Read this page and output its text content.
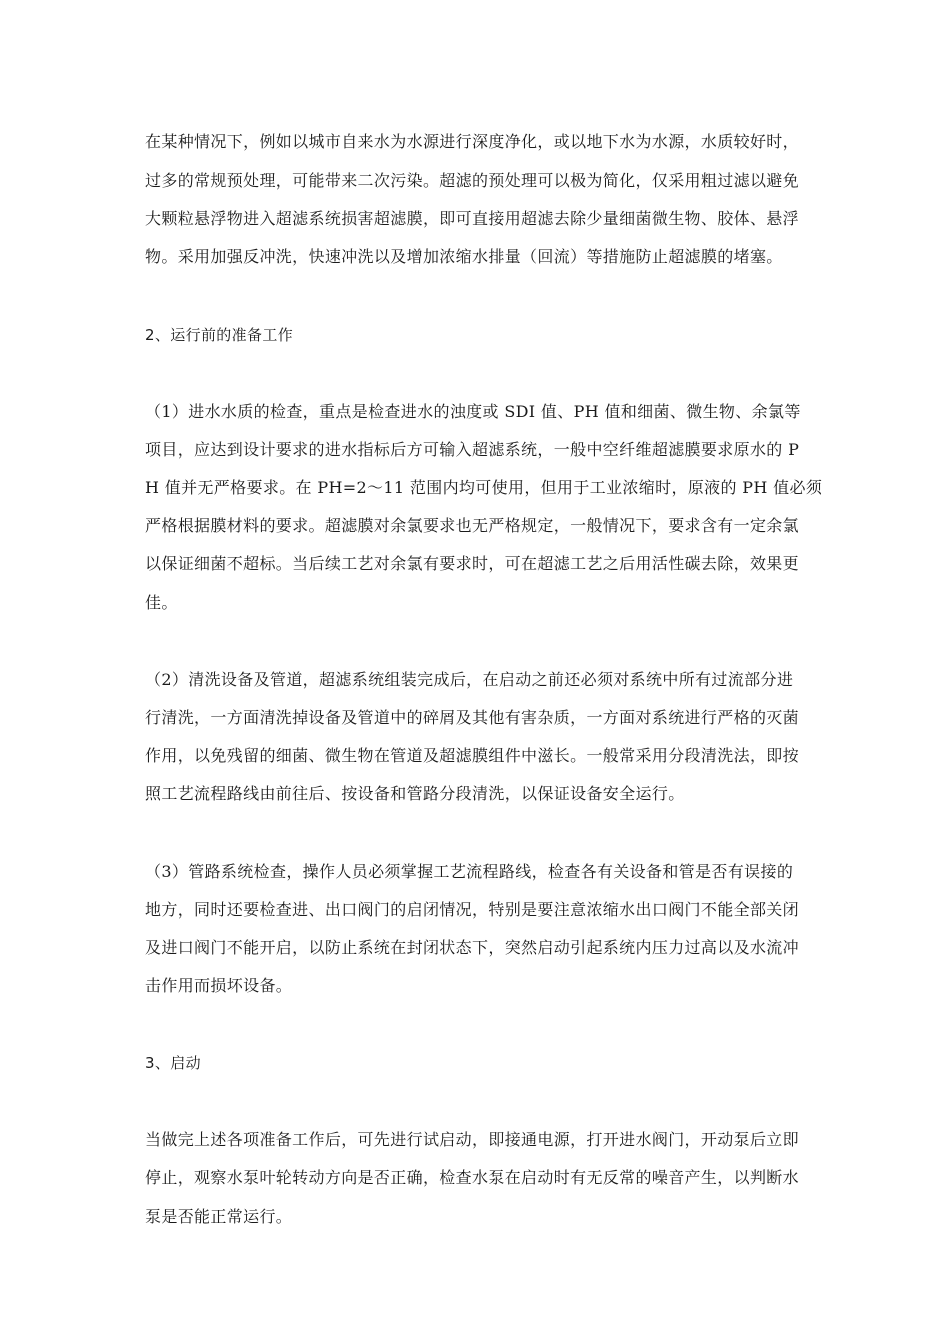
在某种情况下，例如以城市自来水为水源进行深度净化，或以地下水为水源，水质较好时，
过多的常规预处理，可能带来二次污染。超滤的预处理可以极为简化，仅采用粗过滤以避免
大颗粒悬浮物进入超滤系统损害超滤膜，即可直接用超滤去除少量细菌微生物、胶体、悬浮
物。采用加强反冲洗，快速冲洗以及增加浓缩水排量（回流）等措施防止超滤膜的堵塞。
2、运行前的准备工作
（1）进水水质的检查，重点是检查进水的浊度或 SDI 值、PH 值和细菌、微生物、余氯等
项目，应达到设计要求的进水指标后方可输入超滤系统，一般中空纤维超滤膜要求原水的 P
H 值并无严格要求。在 PH=2～11 范围内均可使用，但用于工业浓缩时，原液的 PH 值必须
严格根据膜材料的要求。超滤膜对余氯要求也无严格规定，一般情况下，要求含有一定余氯
以保证细菌不超标。当后续工艺对余氯有要求时，可在超滤工艺之后用活性碳去除，效果更
佳。
（2）清洗设备及管道，超滤系统组装完成后，在启动之前还必须对系统中所有过流部分进
行清洗，一方面清洗掉设备及管道中的碎屑及其他有害杂质，一方面对系统进行严格的灭菌
作用，以免残留的细菌、微生物在管道及超滤膜组件中滋长。一般常采用分段清洗法，即按
照工艺流程路线由前往后、按设备和管路分段清洗，以保证设备安全运行。
（3）管路系统检查，操作人员必须掌握工艺流程路线，检查各有关设备和管是否有误接的
地方，同时还要检查进、出口阀门的启闭情况，特别是要注意浓缩水出口阀门不能全部关闭
及进口阀门不能开启，以防止系统在封闭状态下，突然启动引起系统内压力过高以及水流冲
击作用而损坏设备。
3、启动
当做完上述各项准备工作后，可先进行试启动，即接通电源，打开进水阀门，开动泵后立即
停止，观察水泵叶轮转动方向是否正确，检查水泵在启动时有无反常的噪音产生，以判断水
泵是否能正常运行。
